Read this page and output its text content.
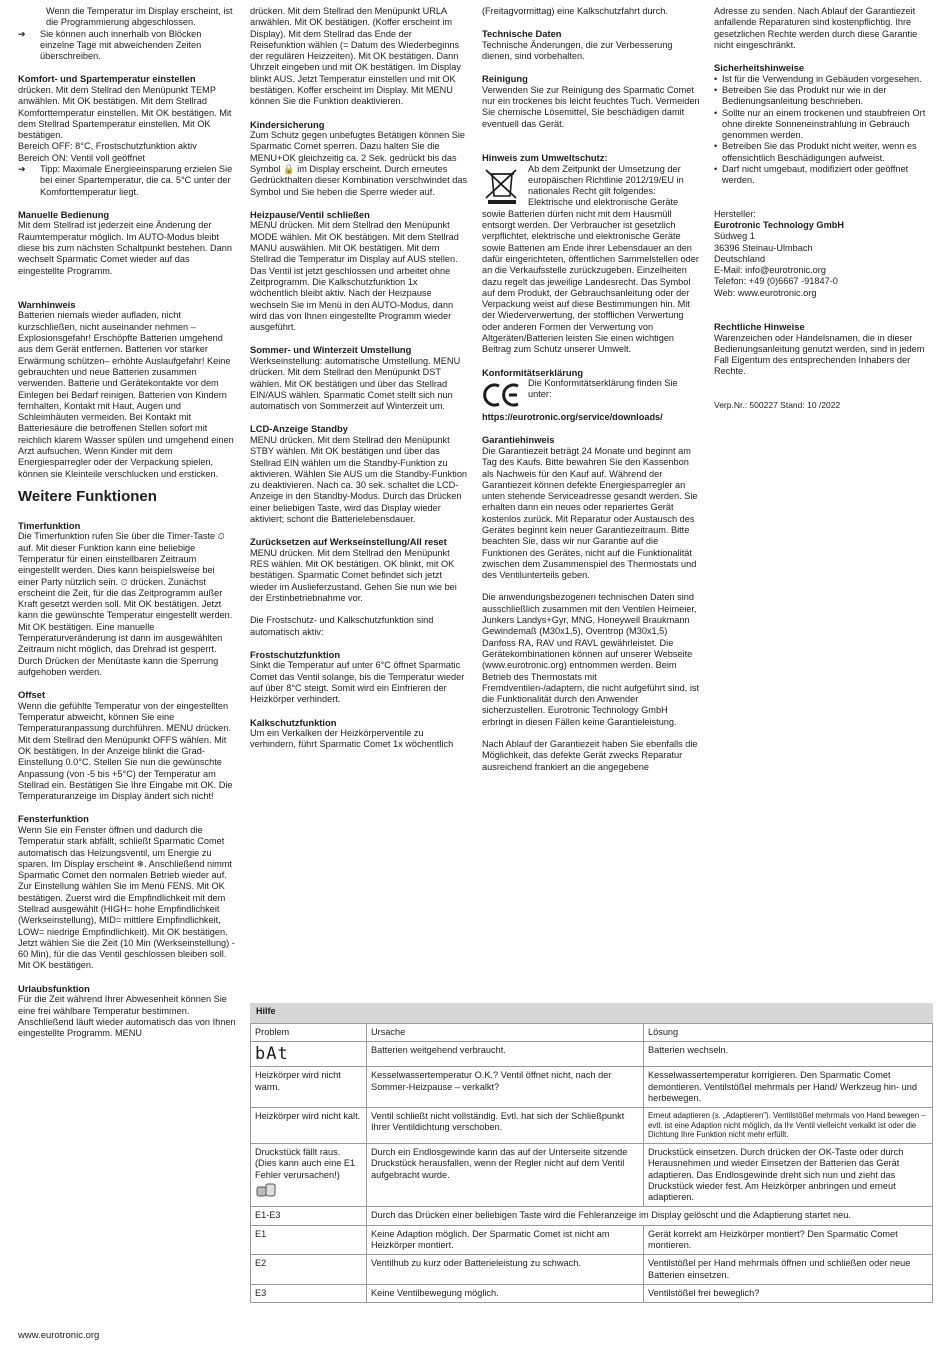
Wenn die Temperatur im Display erscheint, ist die Programmierung abgeschlossen.

➔	Sie können auch innerhalb von Blöcken einzelne Tage mit abweichenden Zeiten überschreiben.
Komfort- und Spartemperatur einstellen

drücken. Mit dem Stellrad den Menüpunkt TEMP anwählen. Mit OK bestätigen. Mit dem Stellrad Komforttemperatur einstellen. Mit OK bestätigen. Mit dem Stellrad Spartemperatur einstellen. Mit OK bestätigen.

Bereich OFF: 8°C, Frostschutzfunktion aktiv

Bereich ON: Ventil voll geöffnet

➔	Tipp: Maximale Energieeinsparung erzielen Sie bei einer Spartemperatur, die ca. 5°C unter der Komforttemperatur liegt.
Manuelle Bedienung

Mit dem Stellrad ist jederzeit eine Änderung der Raumtemperatur möglich. Im AUTO-Modus bleibt diese bis zum nächsten Schaltpunkt bestehen. Dann wechselt Sparmatic Comet wieder auf das eingestellte Programm.

Warnhinweis

Batterien niemals wieder aufladen, nicht kurzschließen, nicht auseinander nehmen – Explosionsgefahr! Erschöpfte Batterien umgehend aus dem Gerät entfernen. Batterien vor starker Erwärmung schützen– erhöhte Auslaufgefahr! Keine gebrauchten und neue Batterien zusammen verwenden. Batterie und Gerätekontakte vor dem Einlegen bei Bedarf reinigen. Batterien von Kindern fernhalten, Kontakt mit Haut, Augen und Schleimhäuten vermeiden. Bei Kontakt mit Batteriesäure die betroffenen Stellen sofort mit reichlich klarem Wasser spülen und umgehend einen Arzt aufsuchen. Wenn Kinder mit dem Energiesparregler oder der Verpackung spielen, können sie Kleinteile verschlucken und ersticken.

Weitere Funktionen
Timerfunktion

Die Timerfunktion rufen Sie über die Timer-Taste ⏲ auf. Mit dieser Funktion kann eine beliebige Temperatur für einen einstellbaren Zeitraum eingestellt werden. Dies kann beispielsweise bei einer Party nützlich sein. ⏲ drücken. Zunächst erscheint die Zeit, für die das Zeitprogramm außer Kraft gesetzt werden soll. Mit OK bestätigen. Jetzt kann die gewünschte Temperatur eingestellt werden. Mit OK bestätigen. Eine manuelle Temperaturveränderung ist dann im ausgewählten Zeitraum nicht möglich, das Drehrad ist gesperrt. Durch Drücken der Menütaste kann die Sperrung aufgehoben werden.

Offset

Wenn die gefühlte Temperatur von der eingestellten Temperatur abweicht, können Sie eine Temperaturanpassung durchführen. MENU drücken. Mit dem Stellrad den Menüpunkt OFFS wählen. Mit OK bestätigen. In der Anzeige blinkt die Grad-Einstellung 0.0°C. Stellen Sie nun die gewünschte Anpassung (von -5 bis +5°C) der Temperatur am Stellrad ein. Bestätigen Sie Ihre Eingabe mit OK. Die Temperaturanzeige im Display ändert sich nicht!

Fensterfunktion

Wenn Sie ein Fenster öffnen und dadurch die Temperatur stark abfällt, schließt Sparmatic Comet automatisch das Heizungsventil, um Energie zu sparen. Im Display erscheint ❄. Anschließend nimmt Sparmatic Comet den normalen Betrieb wieder auf. Zur Einstellung wählen Sie im Menü FENS. Mit OK bestätigen. Zuerst wird die Empfindlichkeit mit dem Stellrad ausgewählt (HIGH= hohe Empfindlichkeit (Werkseinstellung), MID= mittlere Empfindlichkeit, LOW= niedrige Empfindlichkeit). Mit OK bestätigen. Jetzt wählen Sie die Zeit (10 Min (Werkseinstellung) - 60 Min), für die das Ventil geschlossen bleiben soll. Mit OK bestätigen.

Urlaubsfunktion

Für die Zeit während Ihrer Abwesenheit können Sie eine frei wählbare Temperatur bestimmen. Anschließend läuft wieder automatisch das von Ihnen eingestellte Programm. MENU

drücken. Mit dem Stellrad den Menüpunkt URLA anwählen. Mit OK bestätigen. (Koffer erscheint im Display). Mit dem Stellrad das Ende der Reisefunktion wählen (= Datum des Wiederbeginns der regulären Heizzeiten). Mit OK bestätigen. Dann Uhrzeit eingeben und mit OK bestätigen. Im Display blinkt AUS. Jetzt Temperatur einstellen und mit OK bestätigen. Koffer erscheint im Display. Mit MENU können Sie die Funktion deaktivieren.

Kindersicherung

Zum Schutz gegen unbefugtes Betätigen können Sie Sparmatic Comet sperren. Dazu halten Sie die MENU+OK gleichzeitig ca. 2 Sek. gedrückt bis das Symbol 🔒 im Display erscheint. Durch erneutes Gedrückthalten dieser Kombination verschwindet das Symbol und Sie heben die Sperre wieder auf.

Heizpause/Ventil schließen

MENU drücken. Mit dem Stellrad den Menüpunkt MODE wählen. Mit OK bestätigen. Mit dem Stellrad MANU auswählen. Mit OK bestätigen. Mit dem Stellrad die Temperatur im Display auf AUS stellen. Das Ventil ist jetzt geschlossen und arbeitet ohne Zeitprogramm. Die Kalkschutzfunktion 1x wöchentlich bleibt aktiv. Nach der Heizpause wechseln Sie im Menü in den AUTO-Modus, dann wird das von Ihnen eingestellte Programm wieder ausgeführt.

Sommer- und Winterzeit Umstellung

Werkseinstellung: automatische Umstellung. MENU drücken. Mit dem Stellrad den Menüpunkt DST wählen. Mit OK bestätigen und über das Stellrad EIN/AUS wählen. Sparmatic Comet stellt sich nun automatisch von Sommerzeit auf Winterzeit um.

LCD-Anzeige Standby

MENU drücken. Mit dem Stellrad den Menüpunkt STBY wählen. Mit OK bestätigen und über das Stellrad EIN wählen um die Standby-Funktion zu aktivieren. Wählen Sie AUS um die Standby-Funktion zu deaktivieren. Nach ca. 30 sek. schaltet die LCD-Anzeige in den Standby-Modus. Durch das Drücken einer beliebigen Taste, wird das Display wieder aktiviert; schont die Batterielebensdauer.

Zurücksetzen auf Werkseinstellung/All reset

MENU drücken. Mit dem Stellrad den Menüpunkt RES wählen. Mit OK bestätigen. OK blinkt, mit OK bestätigen. Sparmatic Comet befindet sich jetzt wieder im Auslieferzustand. Gehen Sie nun wie bei der Erstinbetriebnahme vor.

Die Frostschutz- und Kalkschutzfunktion sind automatisch aktiv:

Frostschutzfunktion

Sinkt die Temperatur auf unter 6°C öffnet Sparmatic Comet das Ventil solange, bis die Temperatur wieder auf über 8°C steigt. Somit wird ein Einfrieren der Heizkörper verhindert.

Kalkschutzfunktion

Um ein Verkalken der Heizkörperventile zu verhindern, führt Sparmatic Comet 1x wöchentlich

(Freitagvormittag) eine Kalkschutzfahrt durch.

Technische Daten

Technische Änderungen, die zur Verbesserung dienen, sind vorbehalten.

Reinigung

Verwenden Sie zur Reinigung des Sparmatic Comet nur ein trockenes bis leicht feuchtes Tuch. Vermeiden Sie chemische Lösemittel, Sie beschädigen damit eventuell das Gerät.

Hinweis zum Umweltschutz:

Ab dem Zeitpunkt der Umsetzung der europäischen Richtlinie 2012/19/EU in nationales Recht gilt folgendes: Elektrische und elektronische Geräte sowie Batterien dürfen nicht mit dem Hausmüll entsorgt werden. Der Verbraucher ist gesetzlich verpflichtet, elektrische und elektronische Geräte sowie Batterien am Ende ihrer Lebensdauer an den dafür eingerichteten, öffentlichen Sammelstellen oder an die Verkaufsstelle zurückzugeben. Einzelheiten dazu regelt das jeweilige Landesrecht. Das Symbol auf dem Produkt, der Gebrauchsanleitung oder der Verpackung weist auf diese Bestimmungen hin. Mit der Wiederverwertung, der stofflichen Verwertung oder anderen Formen der Verwertung von Altgeräten/Batterien leisten Sie einen wichtigen Beitrag zum Schutz unserer Umwelt.

Konformitätserklärung
Die Konformitätserklärung finden Sie unter: https://eurotronic.org/service/downloads/
Garantiehinweis

Die Garantiezeit beträgt 24 Monate und beginnt am Tag des Kaufs. Bitte bewahren Sie den Kassenbon als Nachweis für den Kauf auf. Während der Garantiezeit können defekte Energiesparregler an unten stehende Serviceadresse gesandt werden. Sie erhalten dann ein neues oder repariertes Gerät kostenlos zurück. Mit Reparatur oder Austausch des Gerätes beginnt kein neuer Garantiezeitraum. Bitte beachten Sie, dass wir nur Garantie auf die Funktionen des Gerätes, nicht auf die Funktionalität zwischen dem Zusammenspiel des Thermostats und des Ventilunterteils geben.

Die anwendungsbezogenen technischen Daten sind ausschließlich zusammen mit den Ventilen Heimeier, Junkers Landys+Gyr, MNG, Honeywell Braukmann Gewindemaß (M30x1,5), Oventrop (M30x1,5) Danfoss RA, RAV und RAVL gewährleistet. Die Gerätekombinationen können auf unserer Webseite (www.eurotronic.org) entnommen werden. Beim Betrieb des Thermostats mit Fremdventilen-/adaptern, die nicht aufgeführt sind, ist die Funktionalität durch den Anwender sicherzustellen. Eurotronic Technology GmbH erbringt in diesen Fällen keine Garantieleistung.

Nach Ablauf der Garantiezeit haben Sie ebenfalls die Möglichkeit, das defekte Gerät zwecks Reparatur ausreichend frankiert an die angegebene

Adresse zu senden. Nach Ablauf der Garantiezeit anfallende Reparaturen sind kostenpflichtig. Ihre gesetzlichen Rechte werden durch diese Garantie nicht eingeschränkt.

Sicherheitshinweise
• Ist für die Verwendung in Gebäuden vorgesehen.
• Betreiben Sie das Produkt nur wie in der Bedienungsanleitung beschrieben.
• Sollte nur an einem trockenen und staubfreien Ort ohne direkte Sonneneinstrahlung in Gebrauch genommen werden.
• Betreiben Sie das Produkt nicht weiter, wenn es offensichtlich Beschädigungen aufweist.
• Darf nicht umgebaut, modifiziert oder geöffnet werden.

Hersteller:

Eurotronic Technology GmbH

Südweg 1

36396 Steinau-Ulmbach

Deutschland

E-Mail: info@eurotronic.org

Telefon: +49 (0)6667 -91847-0

Web: www.eurotronic.org

Rechtliche Hinweise

Warenzeichen oder Handelsnamen, die in dieser Bedienungsanleitung genutzt werden, sind in jedem Fall Eigentum des entsprechenden Inhabers der Rechte.

Verp.Nr.: 500227 Stand: 10 /2022

Hilfe
Problem	Ursache	Lösung
bAt	Batterien weitgehend verbraucht.	Batterien wechseln.
Heizkörper wird nicht warm.	Kesselwassertemperatur O.K.? Ventil öffnet nicht, nach der Sommer-Heizpause – verkalkt?	Kesselwassertemperatur korrigieren. Den Sparmatic Comet demontieren. Ventilstößel mehrmals per Hand/ Werkzeug hin- und herbewegen.
Heizkörper wird nicht kalt.	Ventil schließt nicht vollständig. Evtl. hat sich der Schließpunkt Ihrer Ventildichtung verschoben.	Erneut adaptieren (s. „Adaptieren"). Ventilstößel mehrmals von Hand bewegen – evtl. ist eine Adaption nicht möglich, da Ihr Ventil vielleicht verkalkt ist oder die Dichtung Ihre Funktion nicht mehr erfüllt.
Druckstück fällt raus. (Dies kann auch eine E1 Fehler verursachen!)	Durch ein Endlosgewinde kann das auf der Unterseite sitzende Druckstück herausfallen, wenn der Regler nicht auf dem Ventil aufgebracht wurde.	Druckstück einsetzen. Durch drücken der OK-Taste oder durch Herausnehmen und wieder Einsetzen der Batterien das Gerät adaptieren. Das Endlosgewinde dreht sich nun und zieht das Druckstück wieder fest. Am Heizkörper anbringen und erneut adaptieren.
E1-E3	Durch das Drücken einer beliebigen Taste wird die Fehleranzeige im Display gelöscht und die Adaptierung startet neu.	
E1	Keine Adaption möglich. Der Sparmatic Comet ist nicht am Heizkörper montiert.	Gerät korrekt am Heizkörper montiert? Den Sparmatic Comet montieren.
E2	Ventilhub zu kurz oder Batterieleistung zu schwach.	Ventilstößel per Hand mehrmals öffnen und schließen oder neue Batterien einsetzen.
E3	Keine Ventilbewegung möglich.	Ventilstößel frei beweglich?
www.eurotronic.org
